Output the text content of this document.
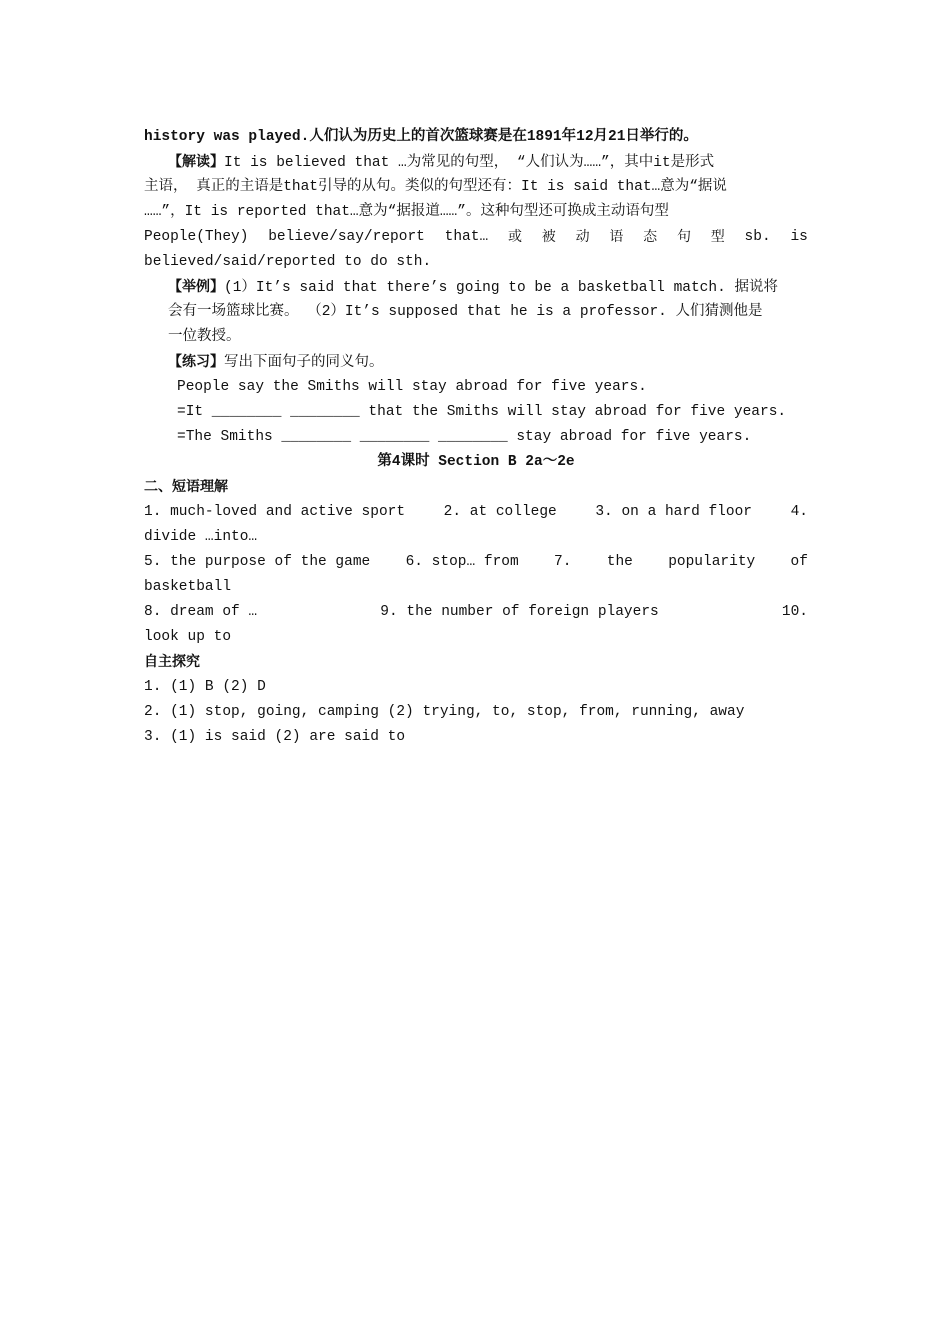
history was played.人们认为历史上的首次篮球赛是在1891年12月21日举行的。
【解读】It is believed that …为常见的句型， “人们认为……”，其中it是形式
主语， 真正的主语是that引导的从句。类似的句型还有：It is said that…意为“据说
……”，It is reported that…意为“据报道……”。这种句型还可换成主动语句型
People(They) believe/say/report that… 或 被 动 语 态 句 型 sb. is
believed/said/reported to do sth.
【举例】(1）It’s said that there’s going to be a basketball match. 据说将
会有一场篮球比赛。 （2）It’s supposed that he is a professor. 人们猜测他是
一位教授。
【练习】写出下面句子的同义句。
People say the Smiths will stay abroad for five years.
=It ________ ________ that the Smiths will stay abroad for five years.
=The Smiths ________ ________ ________ stay abroad for five years.
第4课时 Section B 2a～2e
二、短语理解
1. much-loved and active sport	2. at college	3. on a hard floor	4.
divide …into…
5. the purpose of the game 6. stop… from 7. the popularity of
basketball
8. dream of …	9. the number of foreign players	10.
look up to
自主探究
1. (1) B (2) D
2. (1) stop, going, camping (2) trying, to, stop, from, running, away
3. (1) is said (2) are said to
